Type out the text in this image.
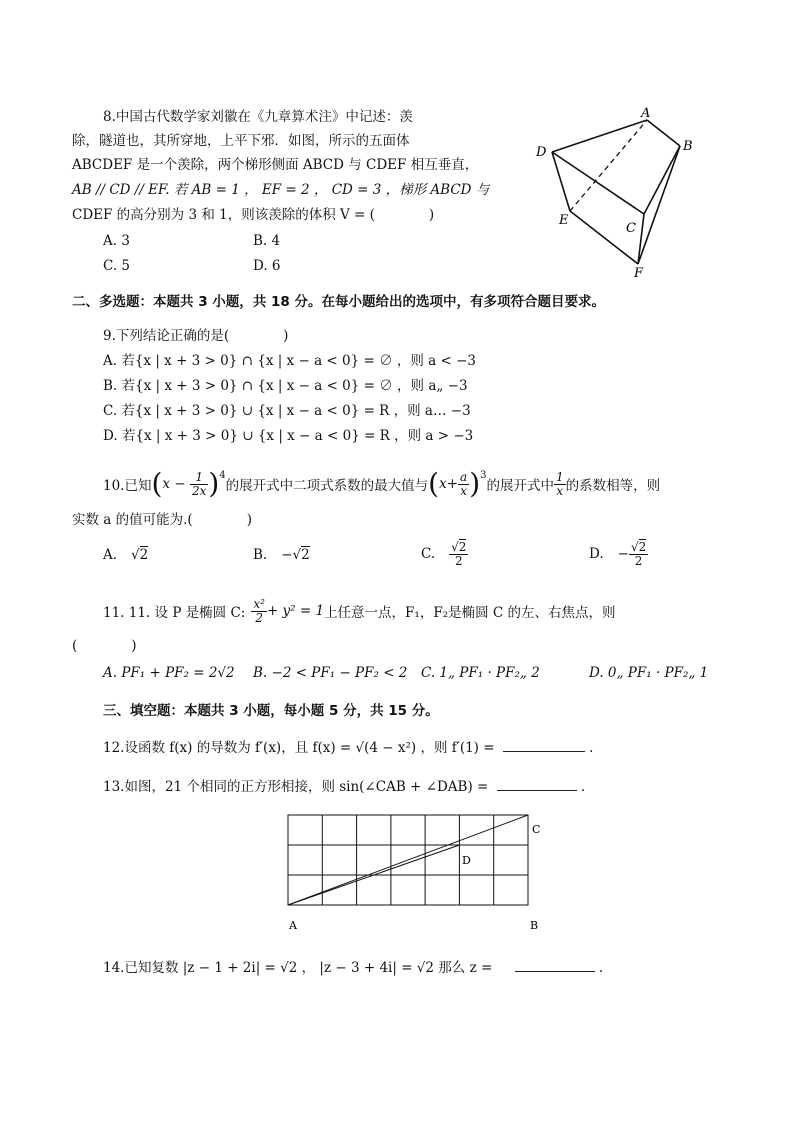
8.中国古代数学家刘徽在《九章算术注》中记述：羡
除，隧道也，其所穿地，上平下邪．如图，所示的五面体
ABCDEF 是一个羡除，两个梯形侧面 ABCD 与 CDEF 相互垂直，
AB // CD // EF. 若 AB = 1 ， EF = 2 ， CD = 3 ，梯形 ABCD 与
CDEF 的高分别为 3 和 1，则该羡除的体积 V = (　　　　)
A. 3	B. 4
C. 5	D. 6
A
B
C
D
E
F
二、多选题：本题共 3 小题，共 18 分。在每小题给出的选项中，有多项符合题目要求。
9.下列结论正确的是(　　　　)
A. 若{x | x + 3 > 0} ∩ {x | x − a < 0} = ∅ ，则 a < −3
B. 若{x | x + 3 > 0} ∩ {x | x − a < 0} = ∅ ，则 a„ −3
C. 若{x | x + 3 > 0} ∪ {x | x − a < 0} = R ，则 a… −3
D. 若{x | x + 3 > 0} ∪ {x | x − a < 0} = R ，则 a > −3
10.已知 ( $x - \frac{1}{2x} )^4$
的展开式中二项式系数的最大值与 ( $x+ \frac{a}{x} )^3$
的展开式中 $\frac{1}{x}$ 的系数相等，则
实数 a 的值可能为.(　　　　)
A. √2	B. −√2	C. $\frac{√2}{2}$	D. − $\frac{√2}{2}$
11. 11. 设 P 是椭圆 C: $\frac{\text{x²}}{2} + y^2 = 1$ 上任意一点，F₁，F₂是椭圆 C 的左、右焦点，则
(　　　　)
A. PF₁ + PF₂ = 2√2 B. −2 < PF₁ − PF₂ < 2 C. 1„ PF₁ · PF₂„ 2	D. 0„ PF₁ · PF₂„ 1
三、填空题：本题共 3 小题，每小题 5 分，共 15 分。
12.设函数 f(x) 的导数为 f′(x)，且 f(x) = √(4 − x²) ，则 f′(1) =	.
13.如图，21 个相同的正方形相接，则 sin(∠CAB + ∠DAB) =	.
A	B
C
D
14.已知复数 |z − 1 + 2i| = √2 ， |z − 3 + 4i| = √2 那么 z =	.
